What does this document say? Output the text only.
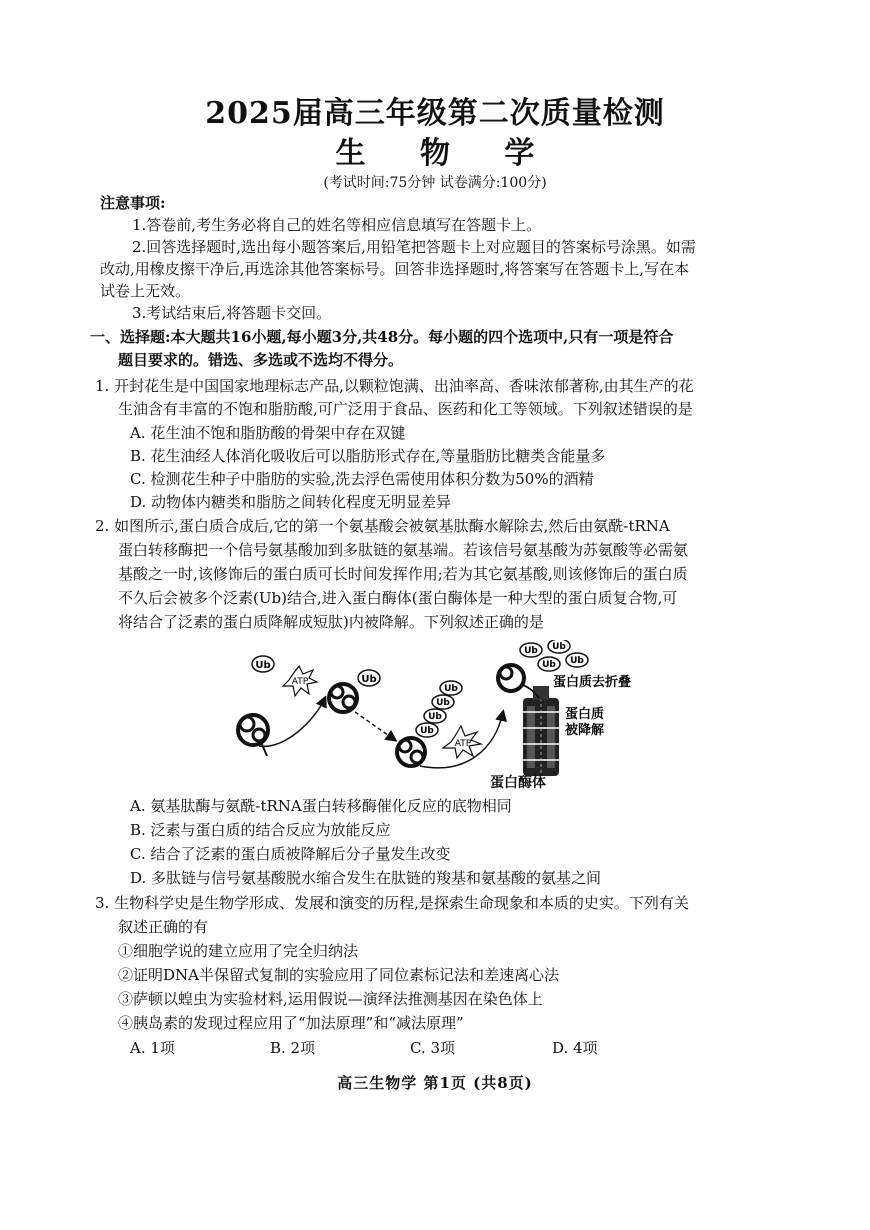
2025届高三年级第二次质量检测
生 物 学
(考试时间:75分钟 试卷满分:100分)
注意事项:
1.答卷前,考生务必将自己的姓名等相应信息填写在答题卡上。
2.回答选择题时,选出每小题答案后,用铅笔把答题卡上对应题目的答案标号涂黑。如需
改动,用橡皮擦干净后,再选涂其他答案标号。回答非选择题时,将答案写在答题卡上,写在本
试卷上无效。
3.考试结束后,将答题卡交回。
一、选择题:本大题共16小题,每小题3分,共48分。每小题的四个选项中,只有一项是符合
题目要求的。错选、多选或不选均不得分。
1. 开封花生是中国国家地理标志产品,以颗粒饱满、出油率高、香味浓郁著称,由其生产的花
生油含有丰富的不饱和脂肪酸,可广泛用于食品、医药和化工等领域。下列叙述错误的是
A. 花生油不饱和脂肪酸的骨架中存在双键
B. 花生油经人体消化吸收后可以脂肪形式存在,等量脂肪比糖类含能量多
C. 检测花生种子中脂肪的实验,洗去浮色需使用体积分数为50%的酒精
D. 动物体内糖类和脂肪之间转化程度无明显差异
2. 如图所示,蛋白质合成后,它的第一个氨基酸会被氨基肽酶水解除去,然后由氨酰-tRNA
蛋白转移酶把一个信号氨基酸加到多肽链的氨基端。若该信号氨基酸为苏氨酸等必需氨
基酸之一时,该修饰后的蛋白质可长时间发挥作用;若为其它氨基酸,则该修饰后的蛋白质
不久后会被多个泛素(Ub)结合,进入蛋白酶体(蛋白酶体是一种大型的蛋白质复合物,可
将结合了泛素的蛋白质降解成短肽)内被降解。下列叙述正确的是
Ub
ATP	Ub
Ub
Ub
Ub
Ub
ATP
Ub Ub
Ub Ub
蛋白质去折叠
蛋白质
被降解
蛋白酶体
A. 氨基肽酶与氨酰-tRNA蛋白转移酶催化反应的底物相同
B. 泛素与蛋白质的结合反应为放能反应
C. 结合了泛素的蛋白质被降解后分子量发生改变
D. 多肽链与信号氨基酸脱水缩合发生在肽链的羧基和氨基酸的氨基之间
3. 生物科学史是生物学形成、发展和演变的历程,是探索生命现象和本质的史实。下列有关
叙述正确的有
①细胞学说的建立应用了完全归纳法
②证明DNA半保留式复制的实验应用了同位素标记法和差速离心法
③萨顿以蝗虫为实验材料,运用假说—演绎法推测基因在染色体上
④胰岛素的发现过程应用了“加法原理”和“减法原理”
A. 1项	B. 2项	C. 3项	D. 4项
高三生物学 第1页 (共8页)
